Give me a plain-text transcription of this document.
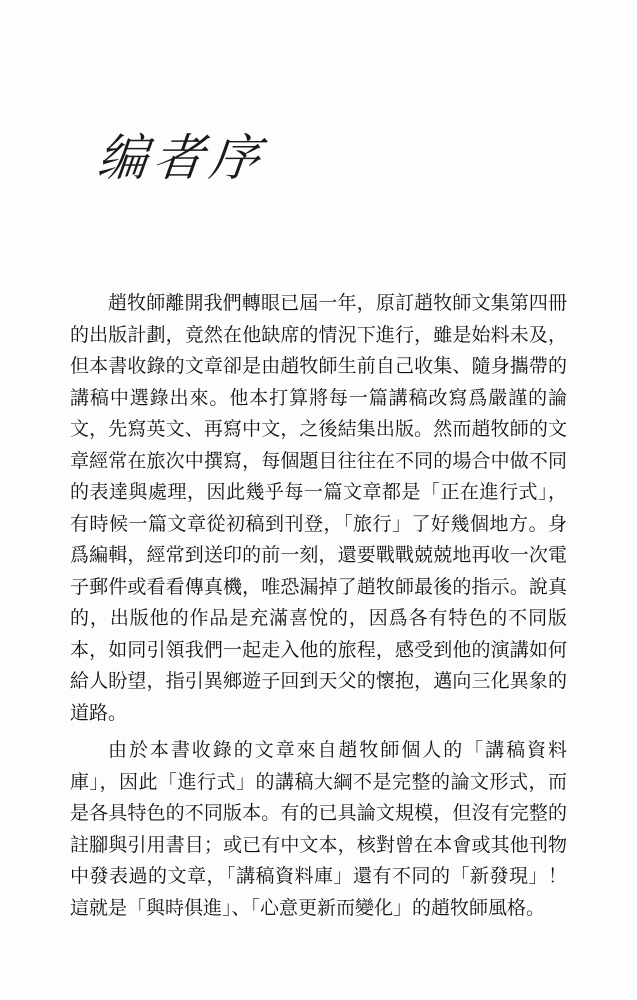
编者序

趙牧師離開我們轉眼已屆一年，原訂趙牧師文集第四冊的出版計劃，竟然在他缺席的情況下進行，雖是始料未及，但本書收錄的文章卻是由趙牧師生前自己收集、隨身攜帶的講稿中選錄出來。他本打算將每一篇講稿改寫爲嚴謹的論文，先寫英文、再寫中文，之後結集出版。然而趙牧師的文章經常在旅次中撰寫，每個題目往往在不同的場合中做不同的表達與處理，因此幾乎每一篇文章都是「正在進行式」，有時候一篇文章從初稿到刊登，「旅行」了好幾個地方。身爲編輯，經常到送印的前一刻，還要戰戰兢兢地再收一次電子郵件或看看傳真機，唯恐漏掉了趙牧師最後的指示。說真的，出版他的作品是充滿喜悅的，因爲各有特色的不同版本，如同引領我們一起走入他的旅程，感受到他的演講如何給人盼望，指引異鄉遊子回到天父的懷抱，邁向三化異象的道路。

由於本書收錄的文章來自趙牧師個人的「講稿資料庫」，因此「進行式」的講稿大綱不是完整的論文形式，而是各具特色的不同版本。有的已具論文規模，但沒有完整的註腳與引用書目；或已有中文本，核對曾在本會或其他刊物中發表過的文章，「講稿資料庫」還有不同的「新發現」！這就是「與時俱進」、「心意更新而變化」的趙牧師風格。
